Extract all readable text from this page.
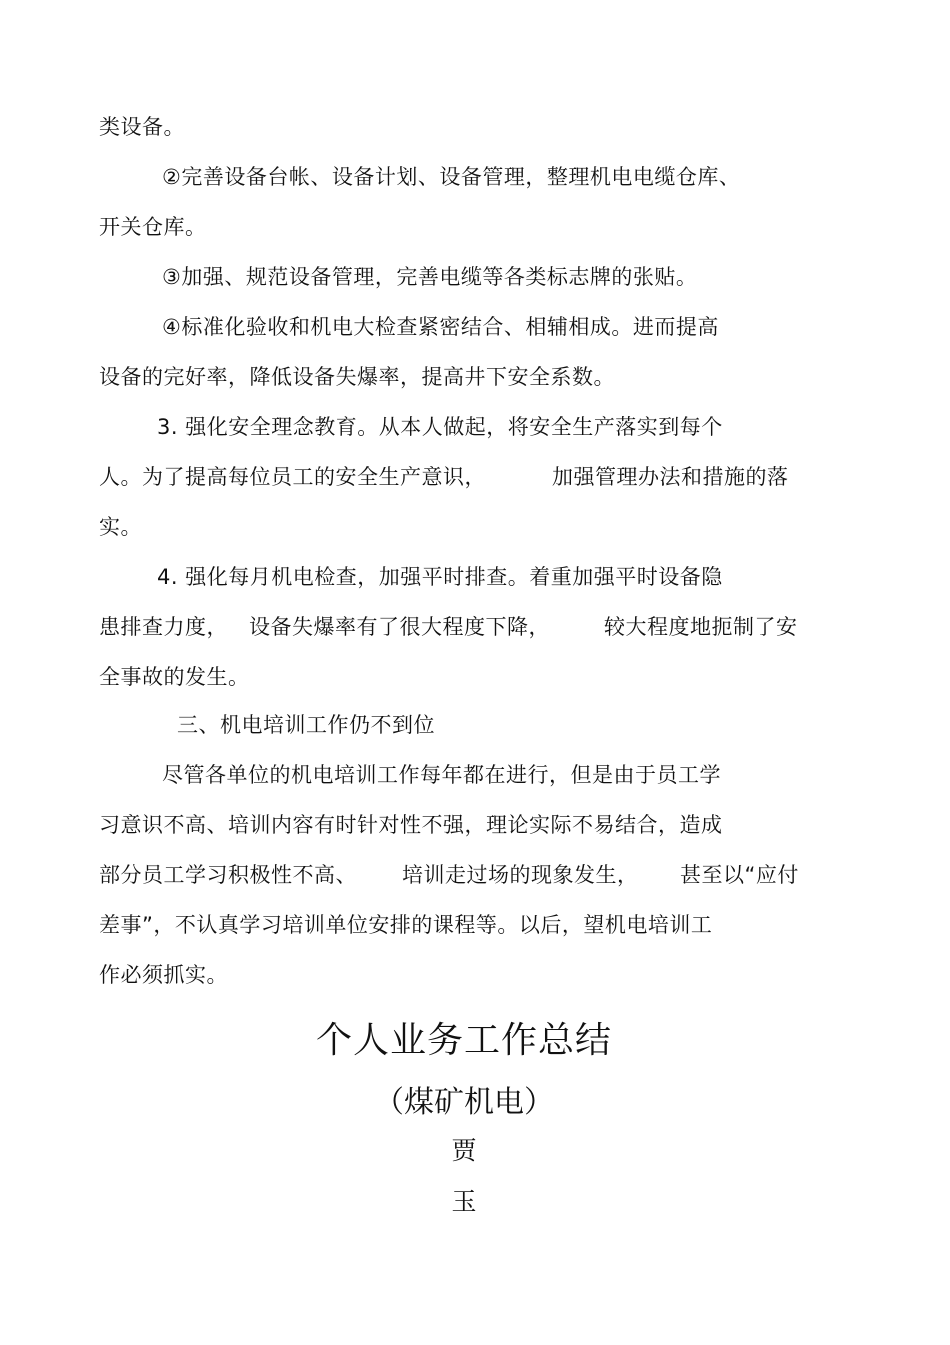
类设备。
②完善设备台帐、设备计划、设备管理，整理机电电缆仓库、
开关仓库。
③加强、规范设备管理，完善电缆等各类标志牌的张贴。
④标准化验收和机电大检查紧密结合、相辅相成。进而提高
设备的完好率，降低设备失爆率，提高井下安全系数。
3. 强化安全理念教育。从本人做起，将安全生产落实到每个
人。为了提高每位员工的安全生产意识，	加强管理办法和措施的落
实。
4. 强化每月机电检查，加强平时排查。着重加强平时设备隐
患排查力度， 设备失爆率有了很大程度下降，	较大程度地扼制了安
全事故的发生。
三、机电培训工作仍不到位
尽管各单位的机电培训工作每年都在进行，但是由于员工学
习意识不高、培训内容有时针对性不强，理论实际不易结合，造成
部分员工学习积极性不高、 培训走过场的现象发生， 甚至以“应付
差事”，不认真学习培训单位安排的课程等。以后，望机电培训工
作必须抓实。
个人业务工作总结
（煤矿机电）
贾
玉
